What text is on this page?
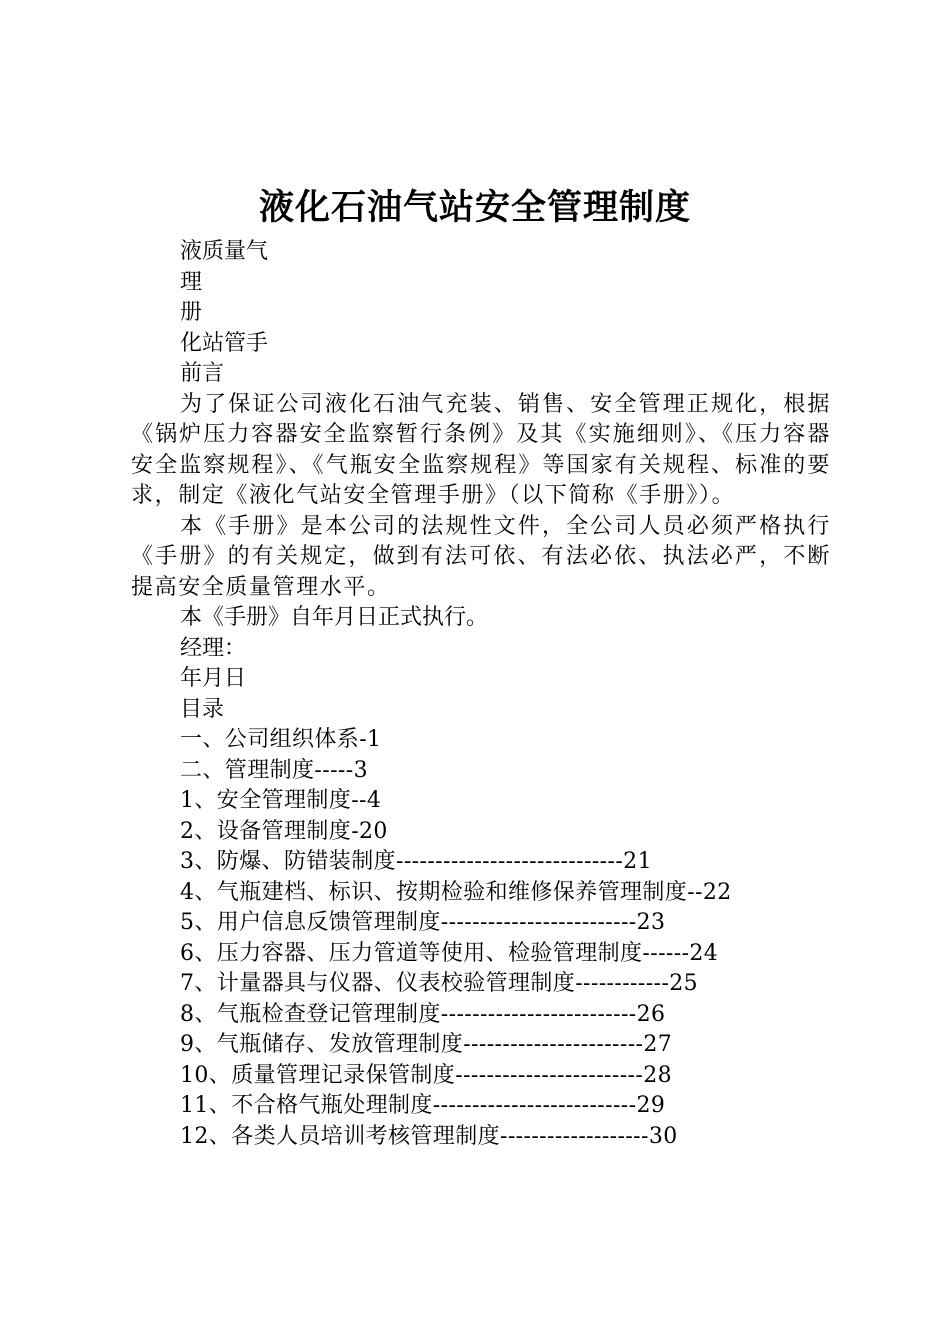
液化石油气站安全管理制度
液质量气
理
册
化站管手
前言
为了保证公司液化石油气充装、销售、安全管理正规化，根据《锅炉压力容器安全监察暂行条例》及其《实施细则》、《压力容器安全监察规程》、《气瓶安全监察规程》等国家有关规程、标准的要求，制定《液化气站安全管理手册》（以下简称《手册》）。
本《手册》是本公司的法规性文件，全公司人员必须严格执行《手册》的有关规定，做到有法可依、有法必依、执法必严，不断提高安全质量管理水平。
本《手册》自年月日正式执行。
经理：
年月日
目录
一、公司组织体系-1
二、管理制度-----3
1、安全管理制度--4
2、设备管理制度-20
3、防爆、防错装制度-----------------------------21
4、气瓶建档、标识、按期检验和维修保养管理制度--22
5、用户信息反馈管理制度-------------------------23
6、压力容器、压力管道等使用、检验管理制度------24
7、计量器具与仪器、仪表校验管理制度------------25
8、气瓶检查登记管理制度-------------------------26
9、气瓶储存、发放管理制度-----------------------27
10、质量管理记录保管制度------------------------28
11、不合格气瓶处理制度--------------------------29
12、各类人员培训考核管理制度-------------------30
